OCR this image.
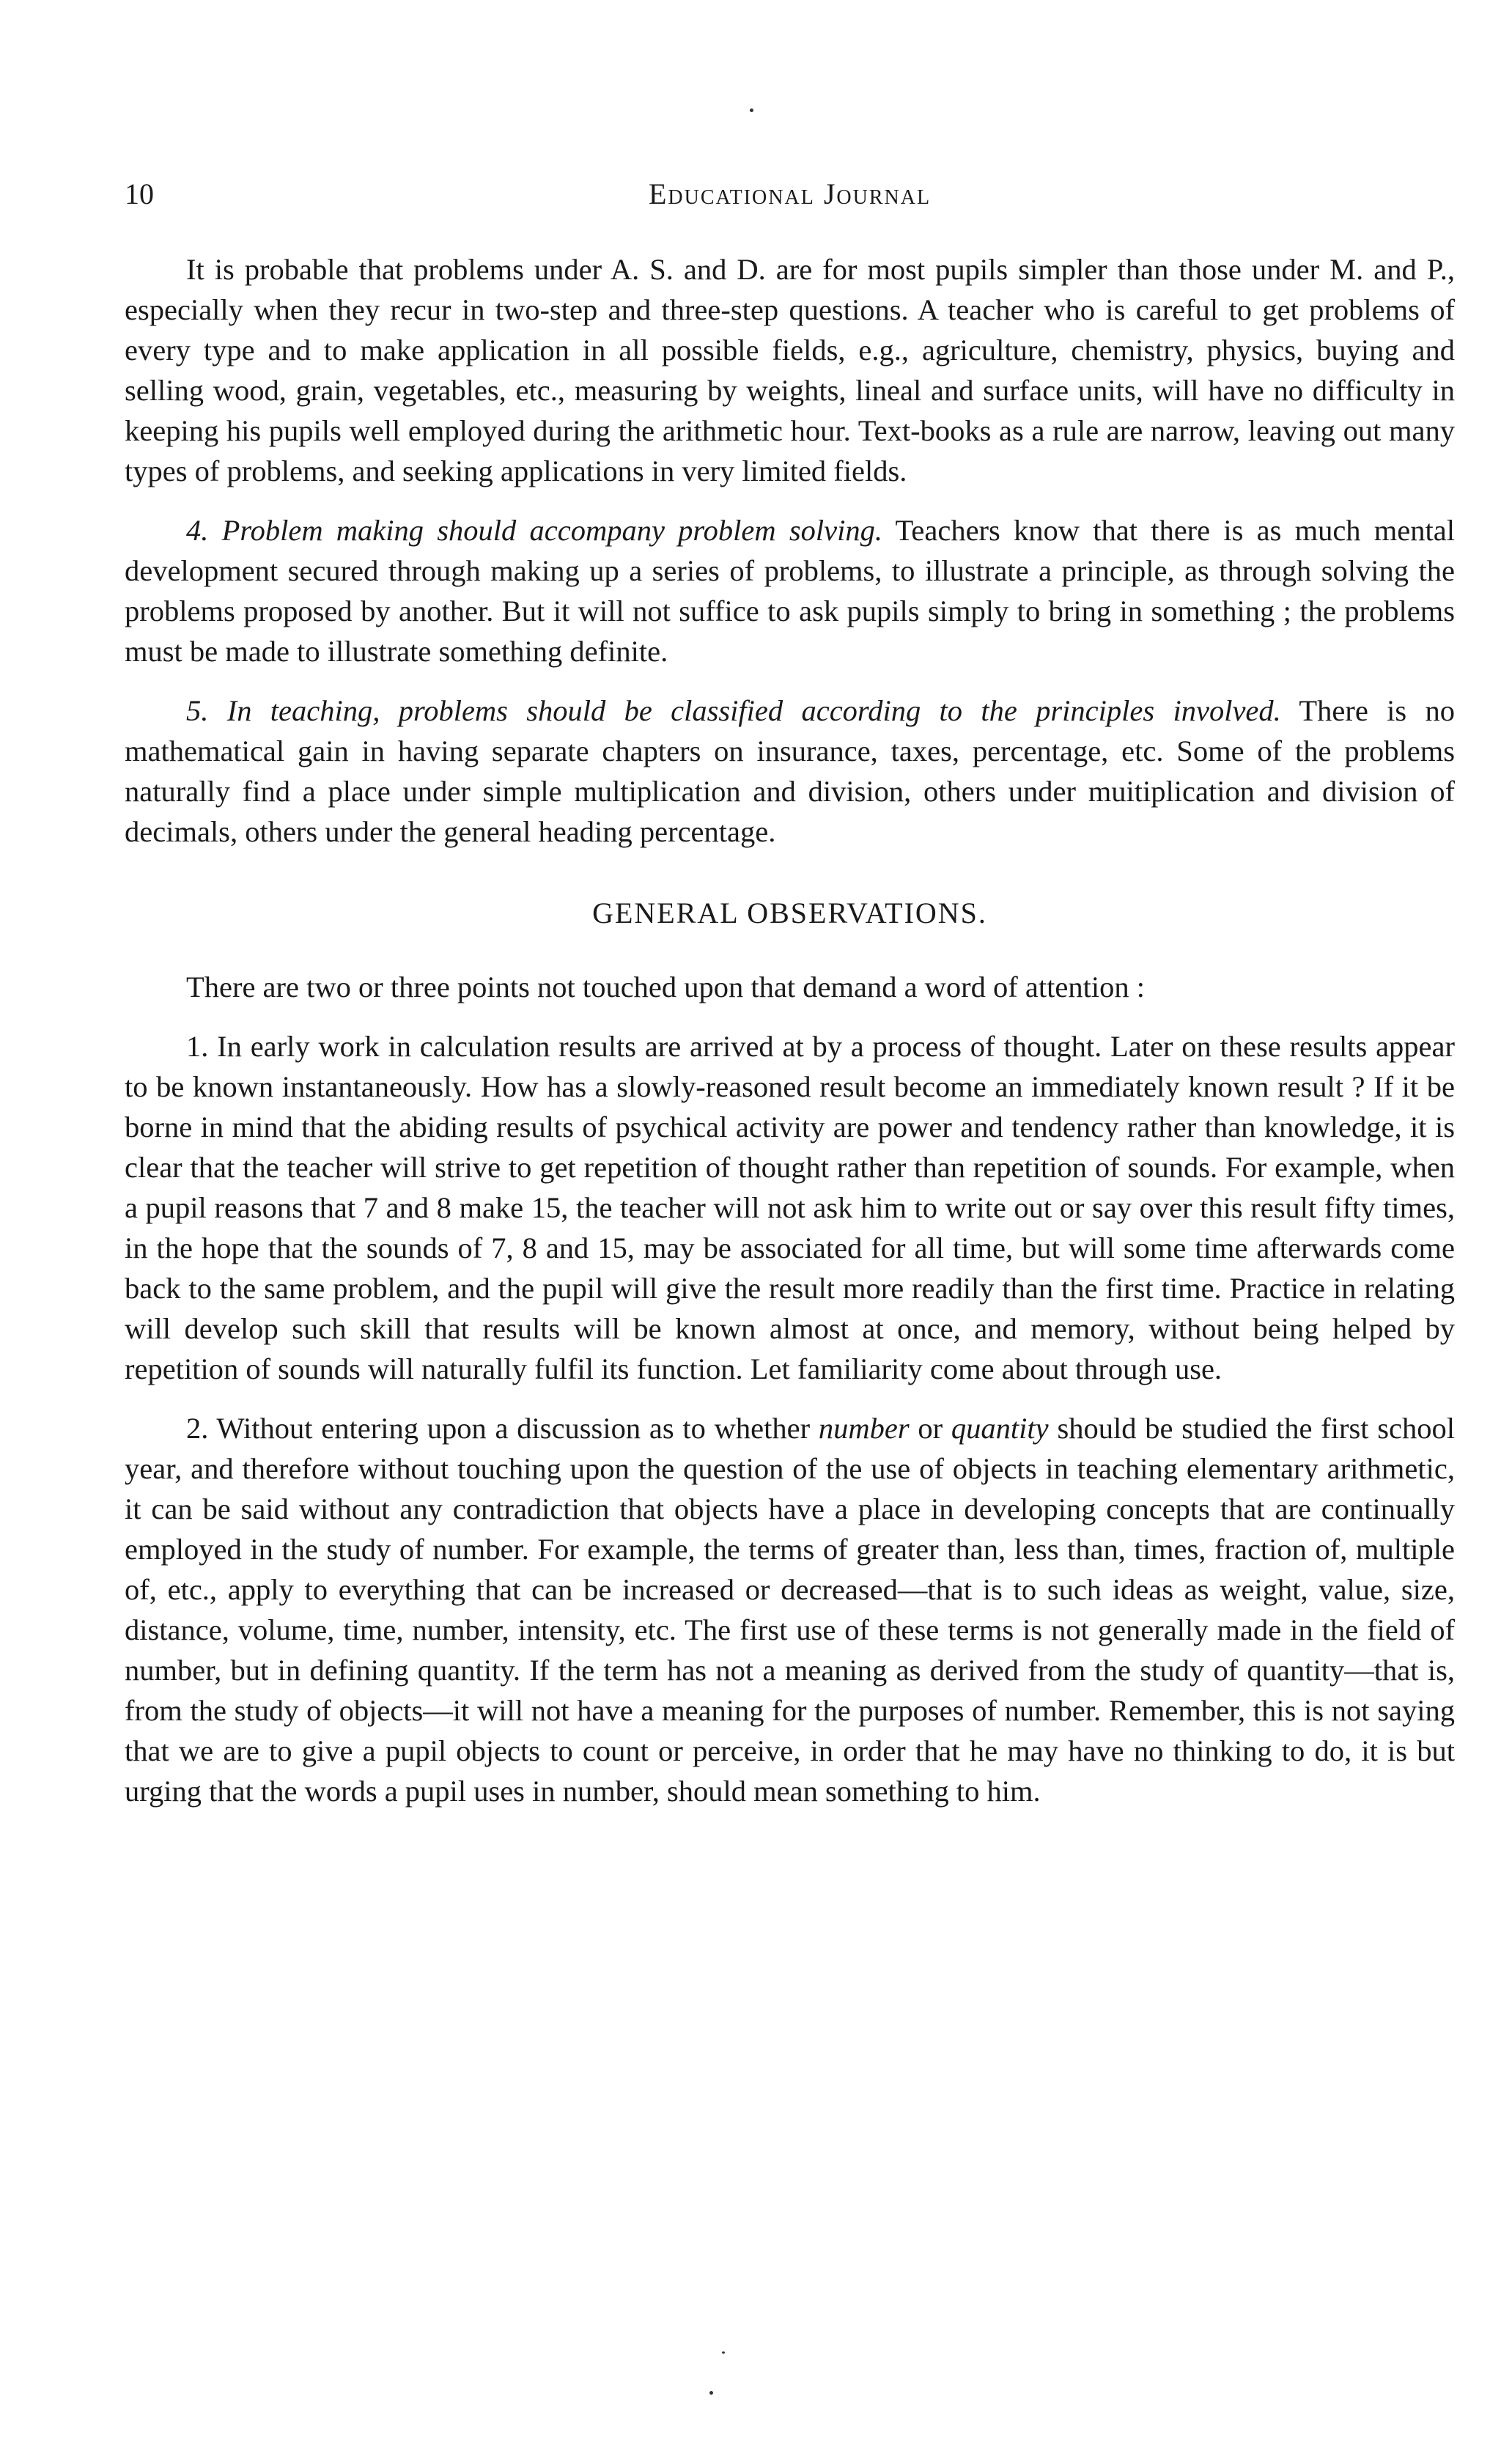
10	Educational Journal

It is probable that problems under A. S. and D. are for most pupils simpler than those under M. and P., especially when they recur in two-step and three-step questions. A teacher who is careful to get problems of every type and to make application in all possible fields, e.g., agriculture, chemistry, physics, buying and selling wood, grain, vegetables, etc., measuring by weights, lineal and surface units, will have no difficulty in keeping his pupils well employed during the arithmetic hour. Text-books as a rule are narrow, leaving out many types of problems, and seeking applications in very limited fields.

4. Problem making should accompany problem solving. Teachers know that there is as much mental development secured through making up a series of problems, to illustrate a principle, as through solving the problems proposed by another. But it will not suffice to ask pupils simply to bring in something ; the problems must be made to illustrate something definite.

5. In teaching, problems should be classified according to the principles involved. There is no mathematical gain in having separate chapters on insurance, taxes, percentage, etc. Some of the problems naturally find a place under simple multiplication and division, others under muitiplication and division of decimals, others under the general heading percentage.

GENERAL OBSERVATIONS.

There are two or three points not touched upon that demand a word of attention :

1. In early work in calculation results are arrived at by a process of thought. Later on these results appear to be known instantaneously. How has a slowly-reasoned result become an immediately known result ? If it be borne in mind that the abiding results of psychical activity are power and tendency rather than knowledge, it is clear that the teacher will strive to get repetition of thought rather than repetition of sounds. For example, when a pupil reasons that 7 and 8 make 15, the teacher will not ask him to write out or say over this result fifty times, in the hope that the sounds of 7, 8 and 15, may be associated for all time, but will some time afterwards come back to the same problem, and the pupil will give the result more readily than the first time. Practice in relating will develop such skill that results will be known almost at once, and memory, without being helped by repetition of sounds will naturally fulfil its function. Let familiarity come about through use.

2. Without entering upon a discussion as to whether number or quantity should be studied the first school year, and therefore without touching upon the question of the use of objects in teaching elementary arithmetic, it can be said without any contradiction that objects have a place in developing concepts that are continually employed in the study of number. For example, the terms of greater than, less than, times, fraction of, multiple of, etc., apply to everything that can be increased or decreased—that is to such ideas as weight, value, size, distance, volume, time, number, intensity, etc. The first use of these terms is not generally made in the field of number, but in defining quantity. If the term has not a meaning as derived from the study of quantity—that is, from the study of objects—it will not have a meaning for the purposes of number. Remember, this is not saying that we are to give a pupil objects to count or perceive, in order that he may have no thinking to do, it is but urging that the words a pupil uses in number, should mean something to him.
